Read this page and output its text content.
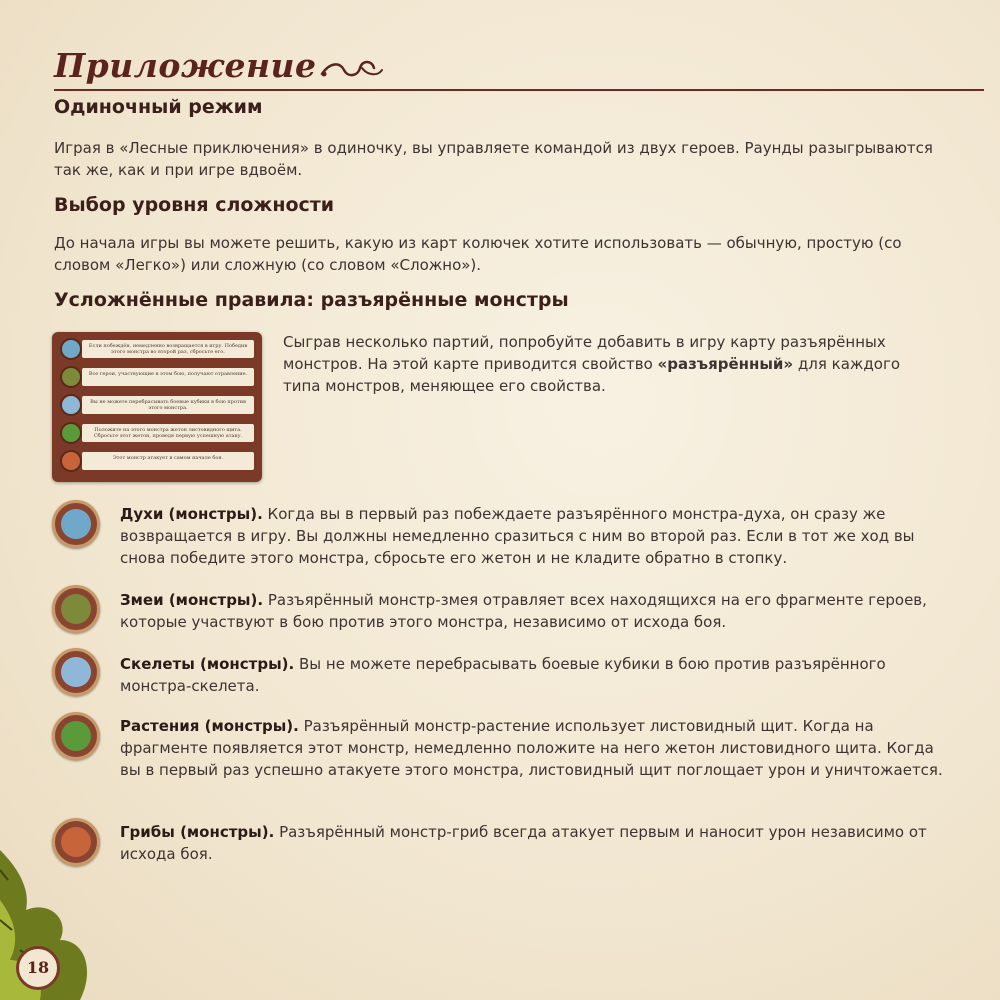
Приложение
Одиночный режим
Играя в «Лесные приключения» в одиночку, вы управляете командой из двух героев. Раунды разыгрываются так же, как и при игре вдвоём.
Выбор уровня сложности
До начала игры вы можете решить, какую из карт колючек хотите использовать — обычную, простую (со словом «Легко») или сложную (со словом «Сложно»).
Усложнённые правила: разъярённые монстры
Если побеждён, немедленно возвращается в игру. Победив этого монстра во второй раз, сбросьте его.
Все герои, участвующие в этом бою, получают отравление.
Вы не можете перебрасывать боевые кубики в бою против этого монстра.
Положите на этого монстра жетон листовидного щита. Сбросьте этот жетон, проведя первую успешную атаку.
Этот монстр атакует в самом начале боя.
Сыграв несколько партий, попробуйте добавить в игру карту разъярённых монстров. На этой карте приводится свойство «разъярённый» для каждого типа монстров, меняющее его свойства.
Духи (монстры). Когда вы в первый раз побеждаете разъярённого монстра-духа, он сразу же возвращается в игру. Вы должны немедленно сразиться с ним во второй раз. Если в тот же ход вы снова победите этого монстра, сбросьте его жетон и не кладите обратно в стопку.
Змеи (монстры). Разъярённый монстр-змея отравляет всех находящихся на его фрагменте героев, которые участвуют в бою против этого монстра, независимо от исхода боя.
Скелеты (монстры). Вы не можете перебрасывать боевые кубики в бою против разъярённого монстра-скелета.
Растения (монстры). Разъярённый монстр-растение использует листовидный щит. Когда на фрагменте появляется этот монстр, немедленно положите на него жетон листовидного щита. Когда вы в первый раз успешно атакуете этого монстра, листовидный щит поглощает урон и уничтожается.
Грибы (монстры). Разъярённый монстр-гриб всегда атакует первым и наносит урон независимо от исхода боя.
18
